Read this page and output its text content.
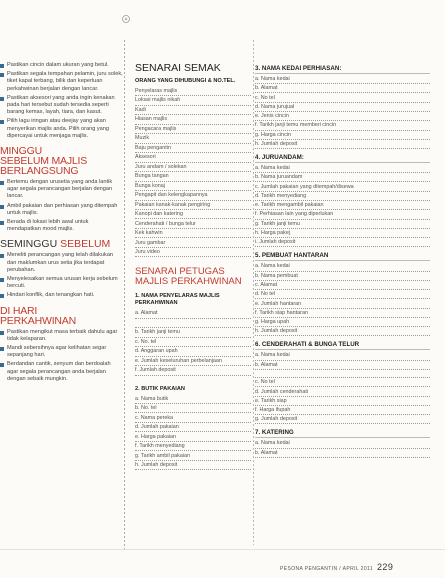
Pastikan cincin dalam ukuran yang betul.
Pastikan segala tempahan pelamin, juru solek, tiket kapal terbang, bilik dan keperluan perkahwinan berjalan dengan lancar.
Pastikan aksesori yang anda ingin kenakan pada hari tersebut sudah tersedia seperti barang kemas, layah, tiara, dan kasut.
Pilih lagu iringan atau deejay yang akan menyerikan majlis anda. Pilih orang yang dipercayai untuk menjaga majlis.
MINGGU
SEBELUM MAJLIS
BERLANGSUNG
Bertemu dengan urusetia yang anda lantik agar segala perancangan berjalan dengan lancar.
Ambil pakaian dan perhiasan yang ditempah untuk majlis.
Berada di lokasi lebih awal untuk mendapatkan mood majlis.
SEMINGGU SEBELUM
Meneliti perancangan yang telah dilakukan dan maklumkan urus setia jika terdapat perubahan.
Menyelesaikan semua urusan kerja sebelum bercuti.
Hindari konflik, dan tenangkan hati.
DI HARI
PERKAHWINAN
Pastikan mengikut masa terbaik dahulu agar tidak kelaparan.
Mandi sebersihnya agar kelihatan segar sepanjang hari.
Berdandan cantik, senyum dan berdoalah agar segala perancangan anda berjalan dengan sebaik mungkin.
SENARAI SEMAK
ORANG YANG DIHUBUNGI & NO.TEL.
Penyelaras majlis
Lokasi majlis nikah
Kadi
Hiasan majlis
Pengacara majlis
Muzik
Baju pengantin
Aksesori
Juru andam / solekan
Bunga tangan
Bunga konaj
Pengapit dan kelengkapannya
Pakaian kanak-kanak pengiring
Kanopi dan katering
Cenderahati / bunga telur
Kek kahwin
Juru gambar
Juru video
SENARAI PETUGAS
MAJLIS PERKAHWINAN
1. NAMA PENYELARAS MAJLIS PERKAHWINAN
a. Alamat
b. Tarikh janji temu
c. No. tel
d. Anggaran upah
e. Jumlah keseluruhan perbelanjaan
f. Jumlah deposit
2. BUTIK PAKAIAN
a. Nama butik
b. No. tel
c. Nama pereka
d. Jumlah pakaian
e. Harga pakaian
f. Tarikh menyediang
g. Tarikh ambil pakaian
h. Jumlah deposit
3. NAMA KEDAI PERHIASAN:
a. Nama kedai
b. Alamat
c. No tel
d. Nama jurujual
e. Jenis cincin
f. Tarikh janji temu memberi cincin
g. Harga cincin
h. Jumlah deposit
4. JURUANDAM:
a. Nama kedai
b. Nama juruandam
c. Jumlah pakaian yang ditempah/disewa
d. Tarikh menyediang
e. Tarikh mengambil pakaian
f. Perhiasan lain yang diperlukan
g. Tarikh janji temu
h. Harga pakej
i. Jumlah deposit
5. PEMBUAT HANTARAN
a. Nama kedai
b. Nama pembuat
c. Alamat
d. No tel
e. Jumlah hantaran
f. Tarikh siap hantaran
g. Harga upah
h. Jumlah deposit
6. CENDERAHATI & BUNGA TELUR
a. Nama kedai
b. Alamat
c. No tel
d. Jumlah cenderahati
e. Tarikh siap
f. Harga ifupah
g. Jumlah deposit
7. KATERING
a. Nama kedai
b. Alamat
PESONA PENGANTIN / APRIL 2011 229
